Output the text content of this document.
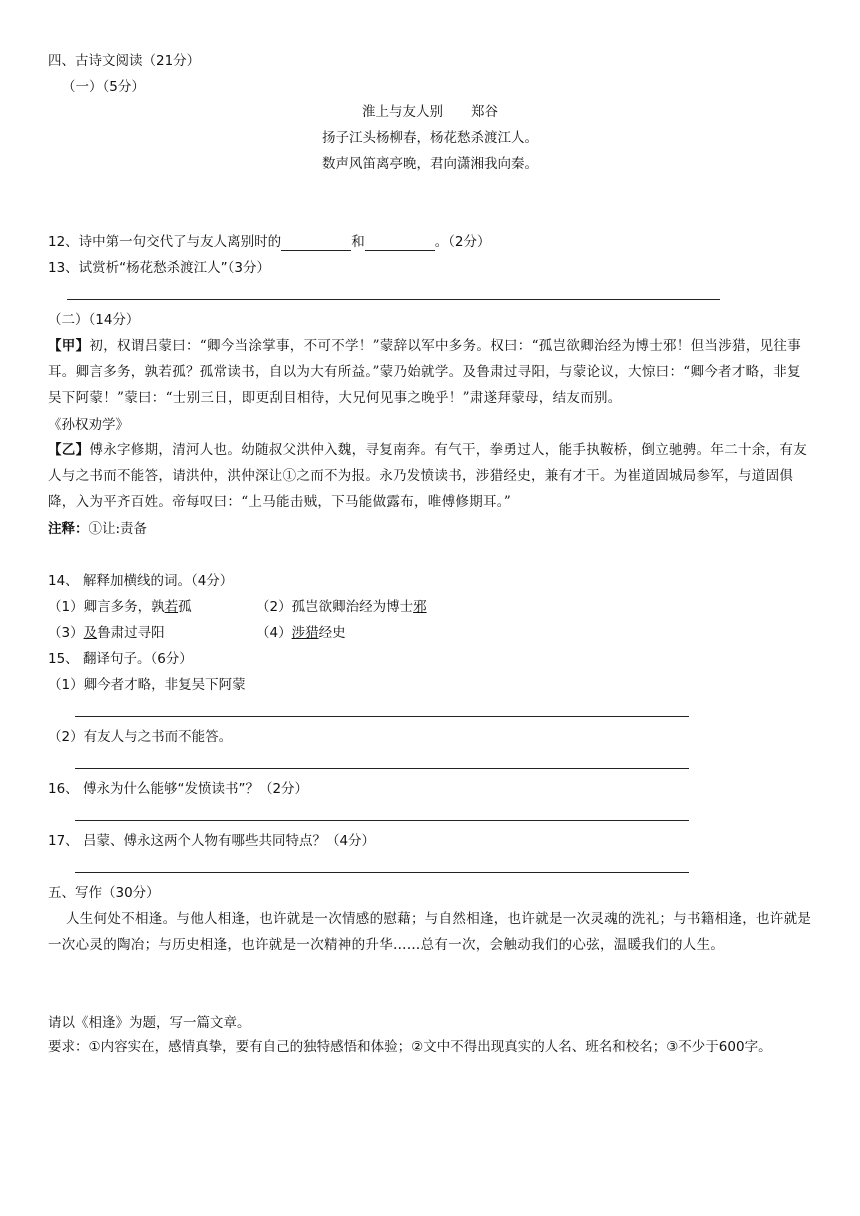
四、古诗文阅读（21分）
（一）（5分）
淮上与友人别 郑谷
扬子江头杨柳春，杨花愁杀渡江人。
数声风笛离亭晚，君向潇湘我向秦。
12、诗中第一句交代了与友人离别时的	和	。（2分）
13、试赏析“杨花愁杀渡江人”（3分）
（二）（14分）
【甲】初，权谓吕蒙曰：“卿今当涂掌事，不可不学！”蒙辞以军中多务。权曰：“孤岂欲卿治经为博士邪！但当涉猎，见往事耳。卿言多务，孰若孤？孤常读书，自以为大有所益。”蒙乃始就学。及鲁肃过寻阳，与蒙论议，大惊曰：“卿今者才略，非复吴下阿蒙！”蒙曰：“士别三日，即更刮目相待，大兄何见事之晚乎！”肃遂拜蒙母，结友而别。
《孙权劝学》
【乙】傅永字修期，清河人也。幼随叔父洪仲入魏，寻复南奔。有气干，拳勇过人，能手执鞍桥，倒立驰骋。年二十余，有友人与之书而不能答，请洪仲，洪仲深让①之而不为报。永乃发愤读书，涉猎经史，兼有才干。为崔道固城局参军，与道固俱降，入为平齐百姓。帝每叹曰：“上马能击贼，下马能做露布，唯傅修期耳。”
注释：①让:责备
14、 解释加横线的词。（4分）
（1）卿言多务，孰若孤	（2）孤岂欲卿治经为博士邪
（3）及鲁肃过寻阳	（4）涉猎经史
15、 翻译句子。（6分）
（1）卿今者才略，非复吴下阿蒙
（2）有友人与之书而不能答。
16、 傅永为什么能够“发愤读书”？（2分）
17、 吕蒙、傅永这两个人物有哪些共同特点？（4分）
五、写作（30分）
人生何处不相逢。与他人相逢，也许就是一次情感的慰藉；与自然相逢，也许就是一次灵魂的洗礼；与书籍相逢，也许就是一次心灵的陶冶；与历史相逢，也许就是一次精神的升华……总有一次，会触动我们的心弦，温暖我们的人生。
请以《相逢》为题，写一篇文章。
要求：①内容实在，感情真挚，要有自己的独特感悟和体验；②文中不得出现真实的人名、班名和校名；③不少于600字。
